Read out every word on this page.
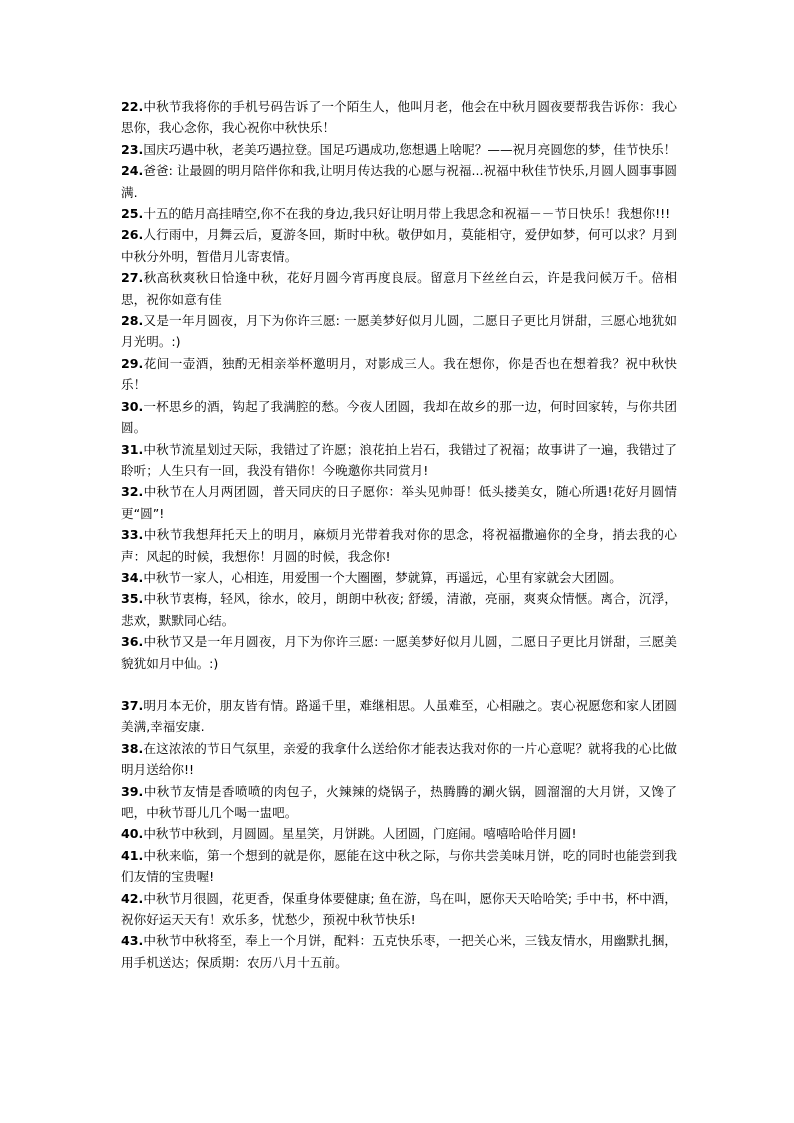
22.中秋节我将你的手机号码告诉了一个陌生人，他叫月老，他会在中秋月圆夜要帮我告诉你：我心思你，我心念你，我心祝你中秋快乐！

23.国庆巧遇中秋，老美巧遇拉登。国足巧遇成功,您想遇上啥呢？——祝月亮圆您的梦，佳节快乐！

24.爸爸: 让最圆的明月陪伴你和我,让明月传达我的心愿与祝福...祝福中秋佳节快乐,月圆人圆事事圆满.

25.十五的皓月高挂晴空,你不在我的身边,我只好让明月带上我思念和祝福－－节日快乐！我想你!!!

26.人行雨中，月舞云后，夏游冬回，斯时中秋。敬伊如月，莫能相守，爱伊如梦，何可以求？月到中秋分外明，暂借月儿寄衷情。

27.秋高秋爽秋日恰逢中秋，花好月圆今宵再度良辰。留意月下丝丝白云，许是我问候万千。倍相思，祝你如意有佳

28.又是一年月圆夜，月下为你许三愿: 一愿美梦好似月儿圆，二愿日子更比月饼甜，三愿心地犹如月光明。:)

29.花间一壶酒，独酌无相亲举杯邀明月，对影成三人。我在想你，你是否也在想着我？祝中秋快乐！

30.一杯思乡的酒，钩起了我满腔的愁。今夜人团圆，我却在故乡的那一边，何时回家转，与你共团圆。

31.中秋节流星划过天际，我错过了许愿；浪花拍上岩石，我错过了祝福；故事讲了一遍，我错过了聆听；人生只有一回，我没有错你！今晚邀你共同赏月!

32.中秋节在人月两团圆，普天同庆的日子愿你：举头见帅哥！低头搂美女，随心所遇!花好月圆情更“圆”!

33.中秋节我想拜托天上的明月，麻烦月光带着我对你的思念，将祝福撒遍你的全身，捎去我的心声：风起的时候，我想你！月圆的时候，我念你!

34.中秋节一家人，心相连，用爱围一个大圈圈，梦就算，再遥远，心里有家就会大团圆。

35.中秋节衷梅，轻风，徐水，皎月，朗朗中秋夜; 舒缓，清澈，亮丽，爽爽众情惬。离合，沉浮，悲欢，默默同心结。

36.中秋节又是一年月圆夜，月下为你许三愿: 一愿美梦好似月儿圆，二愿日子更比月饼甜，三愿美貌犹如月中仙。:)

37.明月本无价，朋友皆有情。路遥千里，难继相思。人虽难至，心相融之。衷心祝愿您和家人团圆美满,幸福安康.

38.在这浓浓的节日气氛里，亲爱的我拿什么送给你才能表达我对你的一片心意呢？就将我的心比做明月送给你!!

39.中秋节友情是香喷喷的肉包子，火辣辣的烧锅子，热腾腾的涮火锅，圆溜溜的大月饼，又馋了吧，中秋节哥儿几个喝一盅吧。

40.中秋节中秋到，月圆圆。星星笑，月饼跳。人团圆，门庭闹。嘻嘻哈哈伴月圆!

41.中秋来临，第一个想到的就是你，愿能在这中秋之际，与你共尝美味月饼，吃的同时也能尝到我们友情的宝贵喔!

42.中秋节月很圆，花更香，保重身体要健康; 鱼在游，鸟在叫，愿你天天哈哈笑; 手中书，杯中酒，祝你好运天天有！欢乐多，忧愁少，预祝中秋节快乐!

43.中秋节中秋将至，奉上一个月饼，配料：五克快乐枣，一把关心米，三钱友情水，用幽默扎捆，用手机送达；保质期：农历八月十五前。
